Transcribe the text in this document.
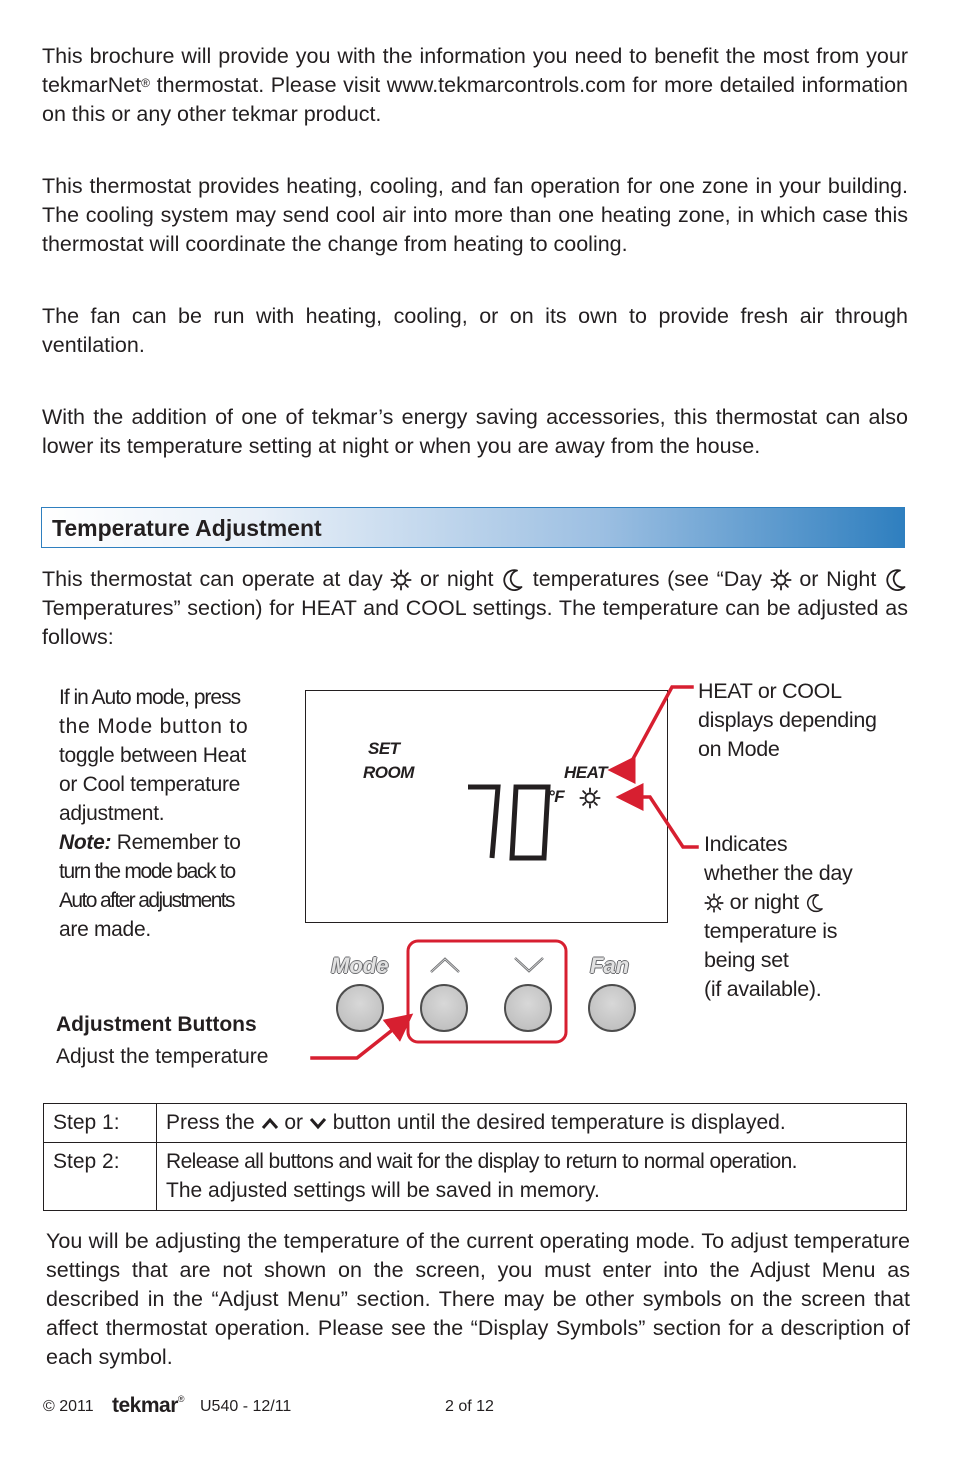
This brochure will provide you with the information you need to benefit the most from your tekmarNet® thermostat. Please visit www.tekmarcontrols.com for more detailed information on this or any other tekmar product.

This thermostat provides heating, cooling, and fan operation for one zone in your building. The cooling system may send cool air into more than one heating zone, in which case this thermostat will coordinate the change from heating to cooling.

The fan can be run with heating, cooling, or on its own to provide fresh air through ventilation.

With the addition of one of tekmar’s energy saving accessories, this thermostat can also lower its temperature setting at night or when you are away from the house.

Temperature Adjustment

This thermostat can operate at day  or night  temperatures (see “Day  or Night  Temperatures” section) for HEAT and COOL settings. The temperature can be adjusted as follows:

If in Auto mode, press
the Mode button to
toggle between Heat
or Cool temperature
adjustment.
Note: Remember to
turn the mode back to
Auto after adjustments
are made.
SET
ROOM	HEAT
°F
HEAT or COOL
displays depending
on Mode
Indicates
whether the day
or night
temperature is
being set
(if available).
Mode	Fan
Adjustment Buttons
Adjust the temperature
Step 1:	Press the  or  button until the desired temperature is displayed.
Step 2:	Release all buttons and wait for the display to return to normal operation.
The adjusted settings will be saved in memory.

You will be adjusting the temperature of the current operating mode. To adjust temperature settings that are not shown on the screen, you must enter into the Adjust Menu as described in the “Adjust Menu” section. There may be other symbols on the screen that affect thermostat operation. Please see the “Display Symbols” section for a description of each symbol.

© 2011 tekmar® U540 - 12/11	2 of 12
